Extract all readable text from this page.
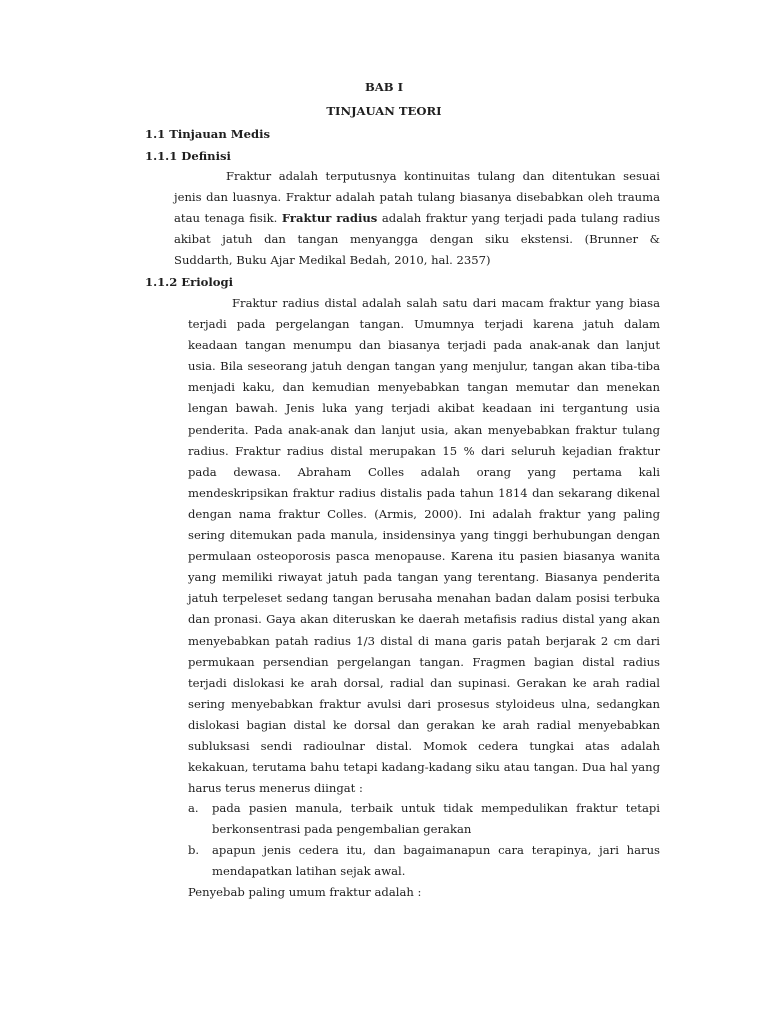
BAB I
TINJAUAN TEORI
1.1 Tinjauan Medis
1.1.1 Definisi
Fraktur adalah terputusnya kontinuitas tulang dan ditentukan sesuai
jenis dan luasnya. Fraktur adalah patah tulang biasanya disebabkan oleh trauma
atau tenaga fisik. Fraktur radius adalah fraktur yang terjadi pada tulang radius
akibat jatuh dan tangan menyangga dengan siku ekstensi. (Brunner &
Suddarth, Buku Ajar Medikal Bedah, 2010, hal. 2357)
1.1.2 Eriologi
Fraktur radius distal adalah salah satu dari macam fraktur yang biasa
terjadi pada pergelangan tangan. Umumnya terjadi karena jatuh dalam
keadaan tangan menumpu dan biasanya terjadi pada anak-anak dan lanjut
usia. Bila seseorang jatuh dengan tangan yang menjulur, tangan akan tiba-tiba
menjadi kaku, dan kemudian menyebabkan tangan memutar dan menekan
lengan bawah. Jenis luka yang terjadi akibat keadaan ini tergantung usia
penderita. Pada anak-anak dan lanjut usia, akan menyebabkan fraktur tulang
radius. Fraktur radius distal merupakan 15 % dari seluruh kejadian fraktur
pada dewasa. Abraham Colles adalah orang yang pertama kali
mendeskripsikan fraktur radius distalis pada tahun 1814 dan sekarang dikenal
dengan nama fraktur Colles. (Armis, 2000). Ini adalah fraktur yang paling
sering ditemukan pada manula, insidensinya yang tinggi berhubungan dengan
permulaan osteoporosis pasca menopause. Karena itu pasien biasanya wanita
yang memiliki riwayat jatuh pada tangan yang terentang. Biasanya penderita
jatuh terpeleset sedang tangan berusaha menahan badan dalam posisi terbuka
dan pronasi. Gaya akan diteruskan ke daerah metafisis radius distal yang akan
menyebabkan patah radius 1/3 distal di mana garis patah berjarak 2 cm dari
permukaan persendian pergelangan tangan. Fragmen bagian distal radius
terjadi dislokasi ke arah dorsal, radial dan supinasi. Gerakan ke arah radial
sering menyebabkan fraktur avulsi dari prosesus styloideus ulna, sedangkan
dislokasi bagian distal ke dorsal dan gerakan ke arah radial menyebabkan
subluksasi sendi radioulnar distal. Momok cedera tungkai atas adalah
kekakuan, terutama bahu tetapi kadang-kadang siku atau tangan. Dua hal yang
harus terus menerus diingat :
a. pada pasien manula, terbaik untuk tidak mempedulikan fraktur tetapi
berkonsentrasi pada pengembalian gerakan
b. apapun jenis cedera itu, dan bagaimanapun cara terapinya, jari harus
mendapatkan latihan sejak awal.
Penyebab paling umum fraktur adalah :
